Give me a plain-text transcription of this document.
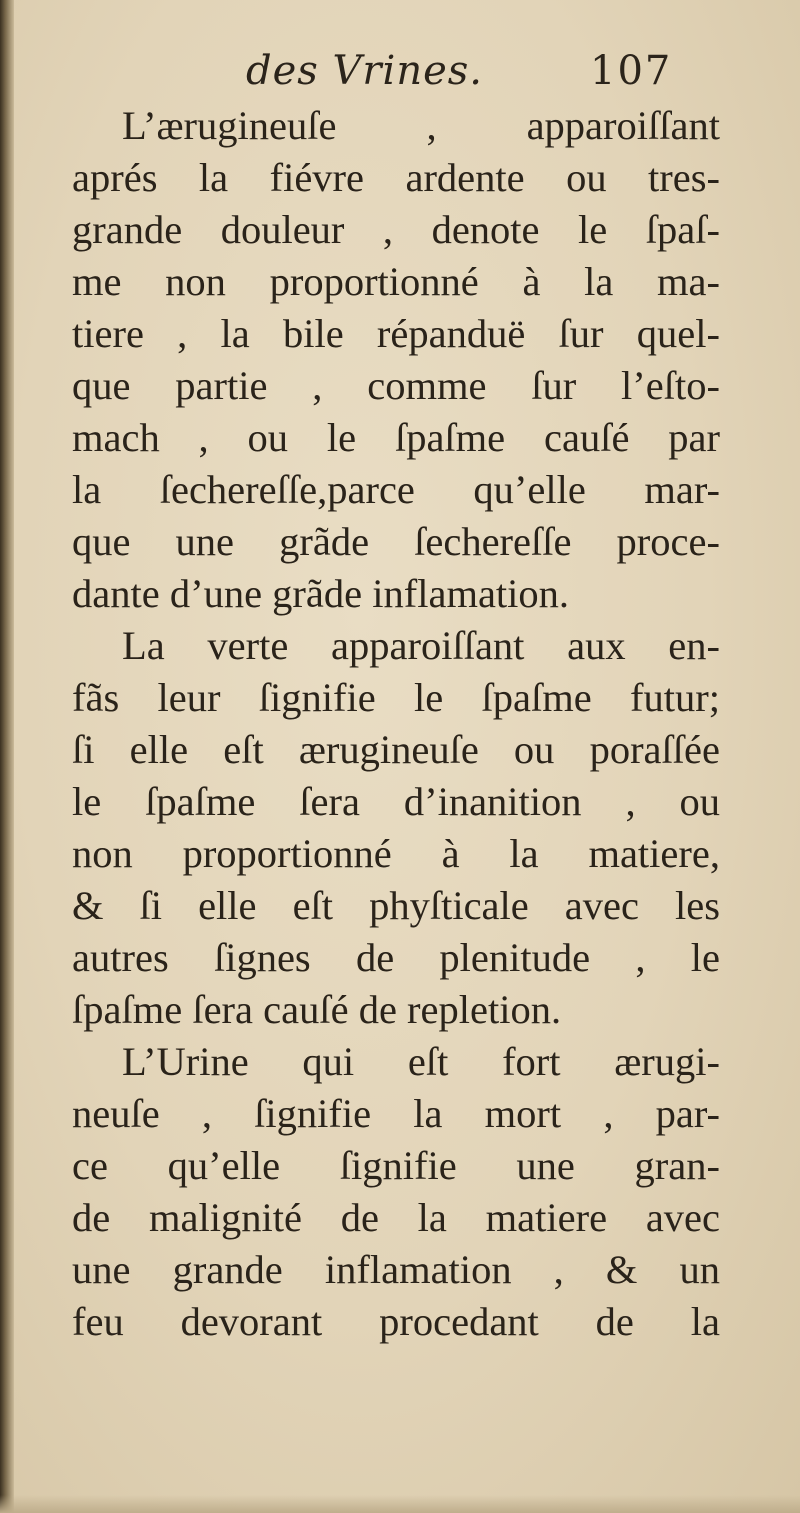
des Vrines.	107
L’ærugineuſe , apparoiſſant
aprés la fiévre ardente ou tres-
grande douleur , denote le ſpaſ-
me non proportionné à la ma-
tiere , la bile répanduë ſur quel-
que partie , comme ſur l’eſto-
mach , ou le ſpaſme cauſé par
la ſechereſſe,parce qu’elle mar-
que une grãde ſechereſſe proce-
dante d’une grãde inflamation.
La verte apparoiſſant aux en-
fãs leur ſignifie le ſpaſme futur;
ſi elle eſt ærugineuſe ou poraſſée
le ſpaſme ſera d’inanition , ou
non proportionné à la matiere,
& ſi elle eſt phyſticale avec les
autres ſignes de plenitude , le
ſpaſme ſera cauſé de repletion.
L’Urine qui eſt fort ærugi-
neuſe , ſignifie la mort , par-
ce qu’elle ſignifie une gran-
de malignité de la matiere avec
une grande inflamation , & un
feu devorant procedant de la
